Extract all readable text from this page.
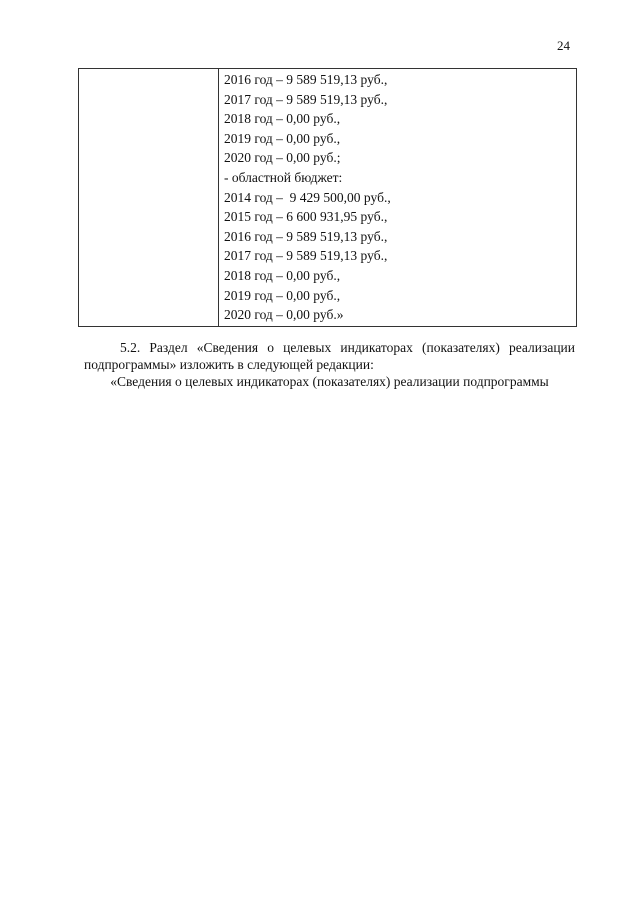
24

2016 год – 9 589 519,13 руб.,
2017 год – 9 589 519,13 руб.,
2018 год – 0,00 руб.,
2019 год – 0,00 руб.,
2020 год – 0,00 руб.;
- областной бюджет:
2014 год –  9 429 500,00 руб.,
2015 год – 6 600 931,95 руб.,
2016 год – 9 589 519,13 руб.,
2017 год – 9 589 519,13 руб.,
2018 год – 0,00 руб.,
2019 год – 0,00 руб.,
2020 год – 0,00 руб.»
5.2. Раздел «Сведения о целевых индикаторах (показателях) реализации подпрограммы» изложить в следующей редакции:
«Сведения о целевых индикаторах (показателях) реализации подпрограммы
